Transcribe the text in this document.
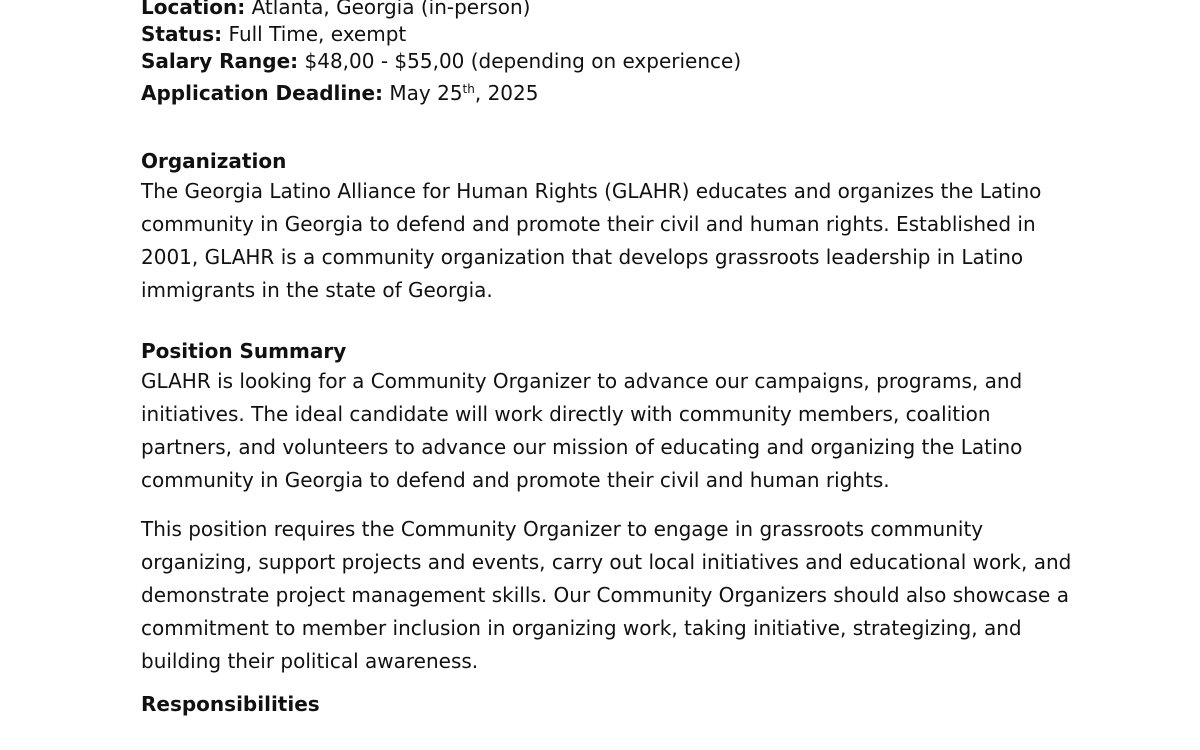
Location: Atlanta, Georgia (in-person)
Status: Full Time, exempt
Salary Range: $48,00 - $55,00 (depending on experience)
Application Deadline: May 25th, 2025
Organization

The Georgia Latino Alliance for Human Rights (GLAHR) educates and organizes the Latino community in Georgia to defend and promote their civil and human rights. Established in 2001, GLAHR is a community organization that develops grassroots leadership in Latino immigrants in the state of Georgia.

Position Summary

GLAHR is looking for a Community Organizer to advance our campaigns, programs, and initiatives. The ideal candidate will work directly with community members, coalition partners, and volunteers to advance our mission of educating and organizing the Latino community in Georgia to defend and promote their civil and human rights.

This position requires the Community Organizer to engage in grassroots community organizing, support projects and events, carry out local initiatives and educational work, and demonstrate project management skills. Our Community Organizers should also showcase a commitment to member inclusion in organizing work, taking initiative, strategizing, and building their political awareness.

Responsibilities
